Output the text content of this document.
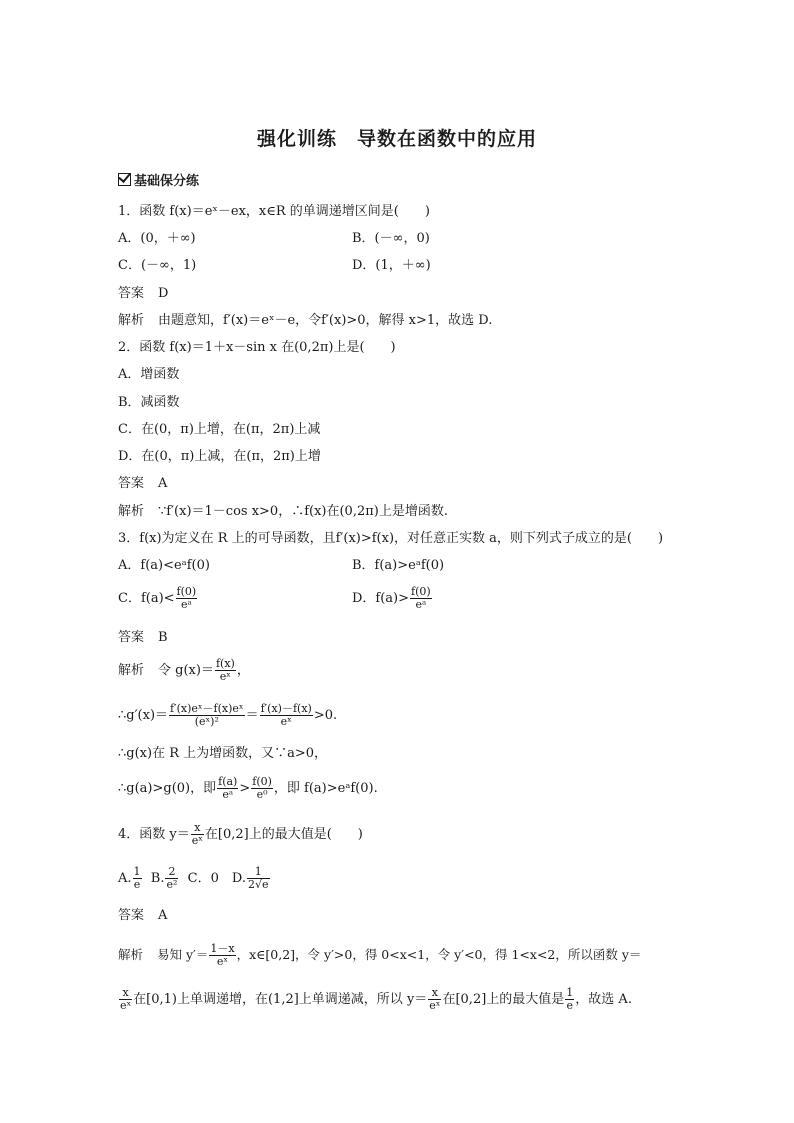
强化训练　导数在函数中的应用
基础保分练
1．函数 f(x)＝eˣ－ex，x∈R 的单调递增区间是(　　)
A．(0，＋∞)	B．(－∞，0)
C．(－∞，1)	D．(1，＋∞)
答案 D
解析 由题意知，f′(x)＝eˣ－e，令f′(x)>0，解得 x>1，故选 D.
2．函数 f(x)＝1＋x－sin x 在(0,2π)上是(　　)
A．增函数
B．减函数
C．在(0，π)上增，在(π，2π)上减
D．在(0，π)上减，在(π，2π)上增
答案 A
解析 ∵f′(x)＝1－cos x>0，∴f(x)在(0,2π)上是增函数.
3．f(x)为定义在 R 上的可导函数，且f′(x)>f(x)，对任意正实数 a，则下列式子成立的是(　　)
A．f(a)<eᵃf(0)	B．f(a)>eᵃf(0)
C．$f(a)< \frac{f(0)}{\text{eᵃ}}$	D．$f(a)> \frac{f(0)}{\text{eᵃ}}$
答案 B
解析 令 $g(x)= \frac{f(x)}{\text{eˣ}}$ ，
∴g′(x)＝ $\frac{\text{f′(x)eˣ－f(x)eˣ}}{\text{(eˣ)²}} = \frac{f'(x)-f(x)}{\text{eˣ}} >0$.
∴g(x)在 R 上为增函数，又∵a>0，
∴g(a)>g(0)，即 $\frac{f(a)}{\text{eᵃ}} > \frac{f(0)}{\text{e⁰}}$ ，即 f(a)>eᵃf(0).
4．函数 $y= \frac{x}{\text{eˣ}}$ 在[0,2]上的最大值是(　　)
A. $\frac{1}{e} B$. $\frac{2}{\text{e²}}$ C．0　D. $\frac{1}{2√e}$
答案 A
解析 易知 $y'= \frac{1-x}{\text{eˣ}}$ ，x∈[0,2]，令 y′>0，得 0<x<1，令 y′<0，得 1<x<2，所以函数 y＝
$\frac{x}{\text{eˣ}}$ 在[0,1)上单调递增，在(1,2]上单调递减，所以 $y= \frac{x}{\text{eˣ}}$ 在[0,2]上的最大值是 $\frac{1}{e}$ ，故选 A.
